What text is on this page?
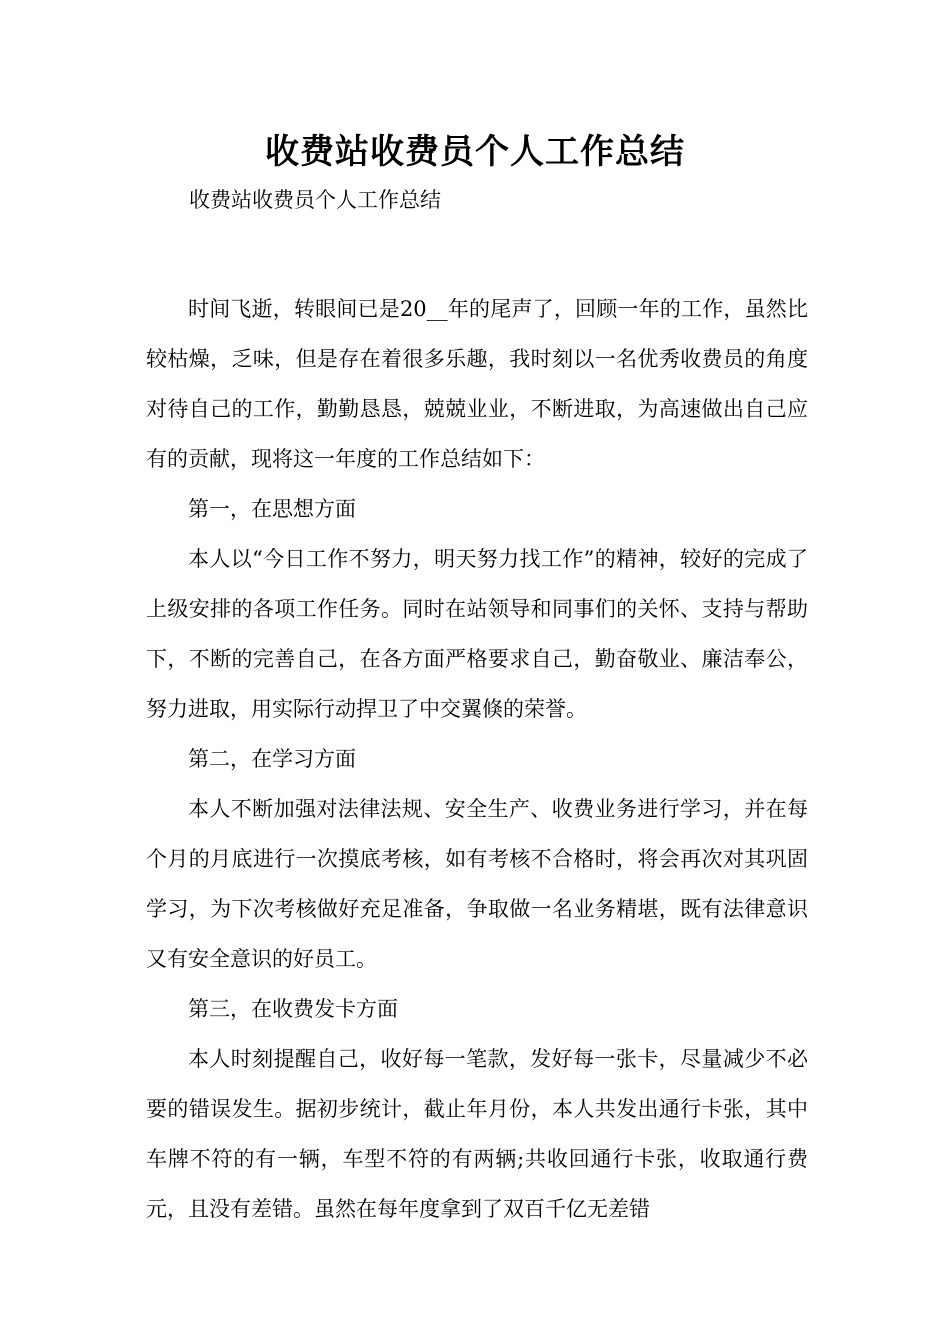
收费站收费员个人工作总结

收费站收费员个人工作总结

时间飞逝，转眼间已是20__年的尾声了，回顾一年的工作，虽然比较枯燥，乏味，但是存在着很多乐趣，我时刻以一名优秀收费员的角度对待自己的工作，勤勤恳恳，兢兢业业，不断进取，为高速做出自己应有的贡献，现将这一年度的工作总结如下：

第一，在思想方面

本人以“今日工作不努力，明天努力找工作”的精神，较好的完成了上级安排的各项工作任务。同时在站领导和同事们的关怀、支持与帮助下，不断的完善自己，在各方面严格要求自己，勤奋敬业、廉洁奉公，努力进取，用实际行动捍卫了中交翼倏的荣誉。

第二，在学习方面

本人不断加强对法律法规、安全生产、收费业务进行学习，并在每个月的月底进行一次摸底考核，如有考核不合格时，将会再次对其巩固学习，为下次考核做好充足准备，争取做一名业务精堪，既有法律意识又有安全意识的好员工。

第三，在收费发卡方面

本人时刻提醒自己，收好每一笔款，发好每一张卡，尽量减少不必要的错误发生。据初步统计，截止年月份，本人共发出通行卡张，其中车牌不符的有一辆，车型不符的有两辆;共收回通行卡张，收取通行费元，且没有差错。虽然在每年度拿到了双百千亿无差错
